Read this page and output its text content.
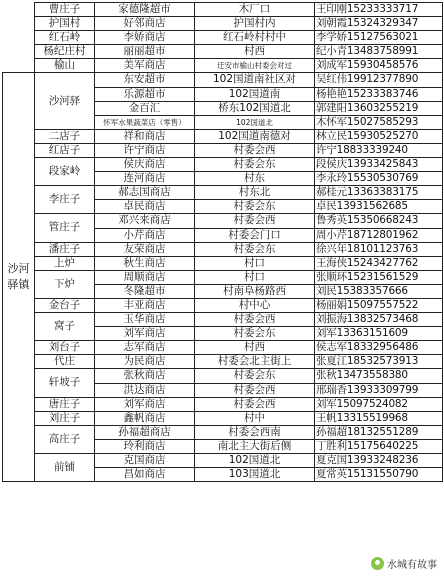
	曹庄子	家德隆超市	木厂口	王印刚15233333717
	护国村	好邻商店	护国村内	刘朝霞15324329347
	红石岭	李娇商店	红石岭村村中	李学娇15127563021
	杨纪庄村	丽丽超市	村西	纪小青13483758991
	榆山	美军商店	迁安市榆山村委会对过	刘成军15930458576
沙河驿镇	沙河驿	东安超市	102国道南社区对	吴红伟19912377890
		乐源超市	102国道南	杨艳艳15233383746
		金百汇	桥东102国道北	郭建阳13603255219
		怀军水果蔬菜店（零售）	102国道北	木怀军15027585293
	二店子	祥和商店	102国道南德对	林立民15930525270
	红店子	许宁商店	村委会西	许宁18833339240
	段家岭	侯庆商店	村委会东	段侯庆13933425843
		连河商店	村东	李永玲15530530769
	李庄子	郝志国商店	村东北	郝桂元13363383175
		卓民商店	村委会东	卓民13931562685
	管庄子	邓兴来商店	村委会西	鲁秀英15350668243
		小芹商店	村委会门口	周小芹18712801962
	潘庄子	友荣商店	村委会东	徐兴年18101123763
	上炉	秋生商店	村口	王海侠15243427762
	下炉	周顺商店	村口	张顺环15231561529
		冬隆超市	村南阜杨路西	刘民15383357666
	金台子	丰亚商店	村中心	杨丽娟15097557522
	窝子	玉华商店	村委会西	刘振海13832573468
		刘军商店	村委会东	刘军13363151609
	刘台子	志军商店	村西	侯志军18332956486
	代庄	为民商店	村委会北主街上	张夏江18532573913
	轩坡子	张秋商店	村委会东	张秋13473558380
		洪达商店	村委会西	邢瑞香13933309799
	唐庄子	刘军商店	村委会西	刘军15097524082
	刘庄子	鑫帆商店	村中	王帆13315519968
	高庄子	孙福超商店	村委会西南	孙福超18132551289
		玲利商店	南北主大街后侧	丁胜利15175640225
	前铺	克国商店	102国道北	夏克国13933248236
		昌如商店	103国道北	夏常英15131550790
水城有故事
